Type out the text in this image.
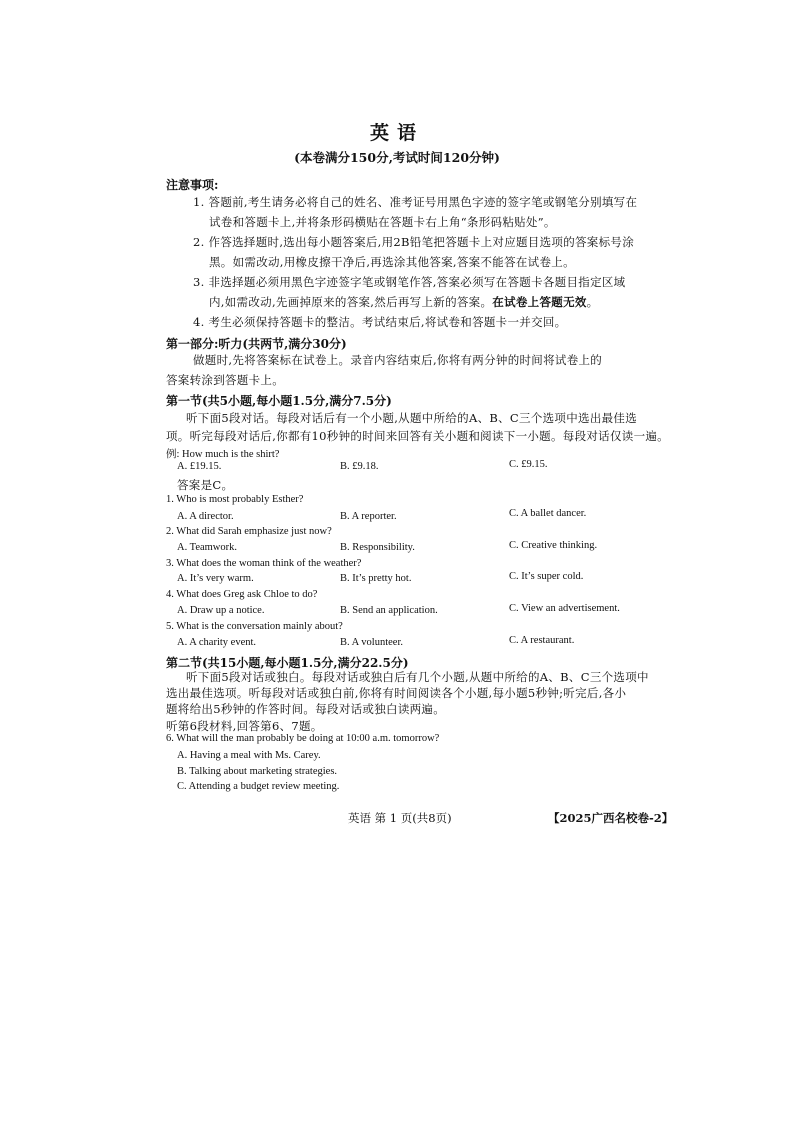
英语
(本卷满分150分,考试时间120分钟)
注意事项:
1. 答题前,考生请务必将自己的姓名、准考证号用黑色字迹的签字笔或钢笔分别填写在
试卷和答题卡上,并将条形码横贴在答题卡右上角“条形码粘贴处”。
2. 作答选择题时,选出每小题答案后,用2B铅笔把答题卡上对应题目选项的答案标号涂
黑。如需改动,用橡皮擦干净后,再选涂其他答案,答案不能答在试卷上。
3. 非选择题必须用黑色字迹签字笔或钢笔作答,答案必须写在答题卡各题目指定区域
内,如需改动,先画掉原来的答案,然后再写上新的答案。在试卷上答题无效。
4. 考生必须保持答题卡的整洁。考试结束后,将试卷和答题卡一并交回。
第一部分:听力(共两节,满分30分)
做题时,先将答案标在试卷上。录音内容结束后,你将有两分钟的时间将试卷上的
答案转涂到答题卡上。
第一节(共5小题,每小题1.5分,满分7.5分)
听下面5段对话。每段对话后有一个小题,从题中所给的A、B、C三个选项中选出最佳选
项。听完每段对话后,你都有10秒钟的时间来回答有关小题和阅读下一小题。每段对话仅读一遍。
例: How much is the shirt?
A. £19.15.	B. £9.18.	C. £9.15.
答案是C。
1. Who is most probably Esther?
A. A director.	B. A reporter.	C. A ballet dancer.
2. What did Sarah emphasize just now?
A. Teamwork.	B. Responsibility.	C. Creative thinking.
3. What does the woman think of the weather?
A. It’s very warm.	B. It’s pretty hot.	C. It’s super cold.
4. What does Greg ask Chloe to do?
A. Draw up a notice.	B. Send an application.	C. View an advertisement.
5. What is the conversation mainly about?
A. A charity event.	B. A volunteer.	C. A restaurant.
第二节(共15小题,每小题1.5分,满分22.5分)
听下面5段对话或独白。每段对话或独白后有几个小题,从题中所给的A、B、C三个选项中
选出最佳选项。听每段对话或独白前,你将有时间阅读各个小题,每小题5秒钟;听完后,各小
题将给出5秒钟的作答时间。每段对话或独白读两遍。
听第6段材料,回答第6、7题。
6. What will the man probably be doing at 10:00 a.m. tomorrow?
A. Having a meal with Ms. Carey.
B. Talking about marketing strategies.
C. Attending a budget review meeting.
英语 第 1 页(共8页)	【2025广西名校卷-2】
